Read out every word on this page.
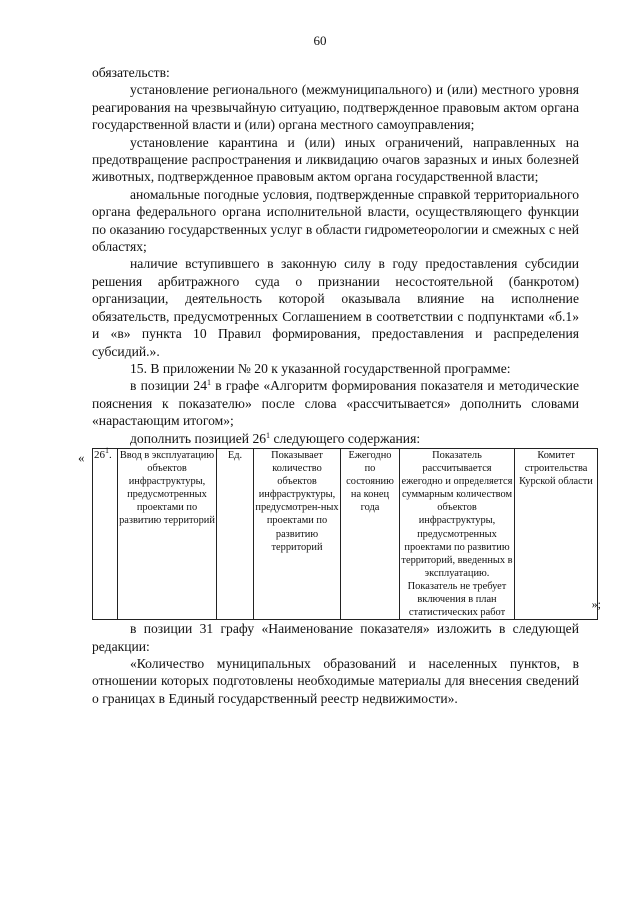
60

обязательств:

установление регионального (межмуниципального) и (или) местного уровня реагирования на чрезвычайную ситуацию, подтвержденное правовым актом органа государственной власти и (или) органа местного самоуправления;

установление карантина и (или) иных ограничений, направленных на предотвращение распространения и ликвидацию очагов заразных и иных болезней животных, подтвержденное правовым актом органа государственной власти;

аномальные погодные условия, подтвержденные справкой территориального органа федерального органа исполнительной власти, осуществляющего функции по оказанию государственных услуг в области гидрометеорологии и смежных с ней областях;

наличие вступившего в законную силу в году предоставления субсидии решения арбитражного суда о признании несостоятельной (банкротом) организации, деятельность которой оказывала влияние на исполнение обязательств, предусмотренных Соглашением в соответствии с подпунктами «б.1» и «в» пункта 10 Правил формирования, предоставления и распределения субсидий.».

15. В приложении № 20 к указанной государственной программе:

в позиции $24^1$ в графе «Алгоритм формирования показателя и методические пояснения к показателю» после слова «рассчитывается» дополнить словами «нарастающим итогом»;

дополнить позицией $26^1$ следующего содержания:

« $26^1$.	Ввод в эксплуатацию объектов инфраструктуры, предусмотренных проектами по развитию территорий	Ед.	Показывает количество объектов инфраструктуры, предусмотрен-ных проектами по развитию территорий	Ежегодно по состоянию на конец года	Показатель рассчитывается ежегодно и определяется суммарным количеством объектов инфраструктуры, предусмотренных проектами по развитию территорий, введенных в эксплуатацию. Показатель не требует включения в план статистических работ	Комитет строительства Курской области
»;

в позиции 31 графу «Наименование показателя» изложить в следующей редакции:

«Количество муниципальных образований и населенных пунктов, в отношении которых подготовлены необходимые материалы для внесения сведений о границах в Единый государственный реестр недвижимости».
